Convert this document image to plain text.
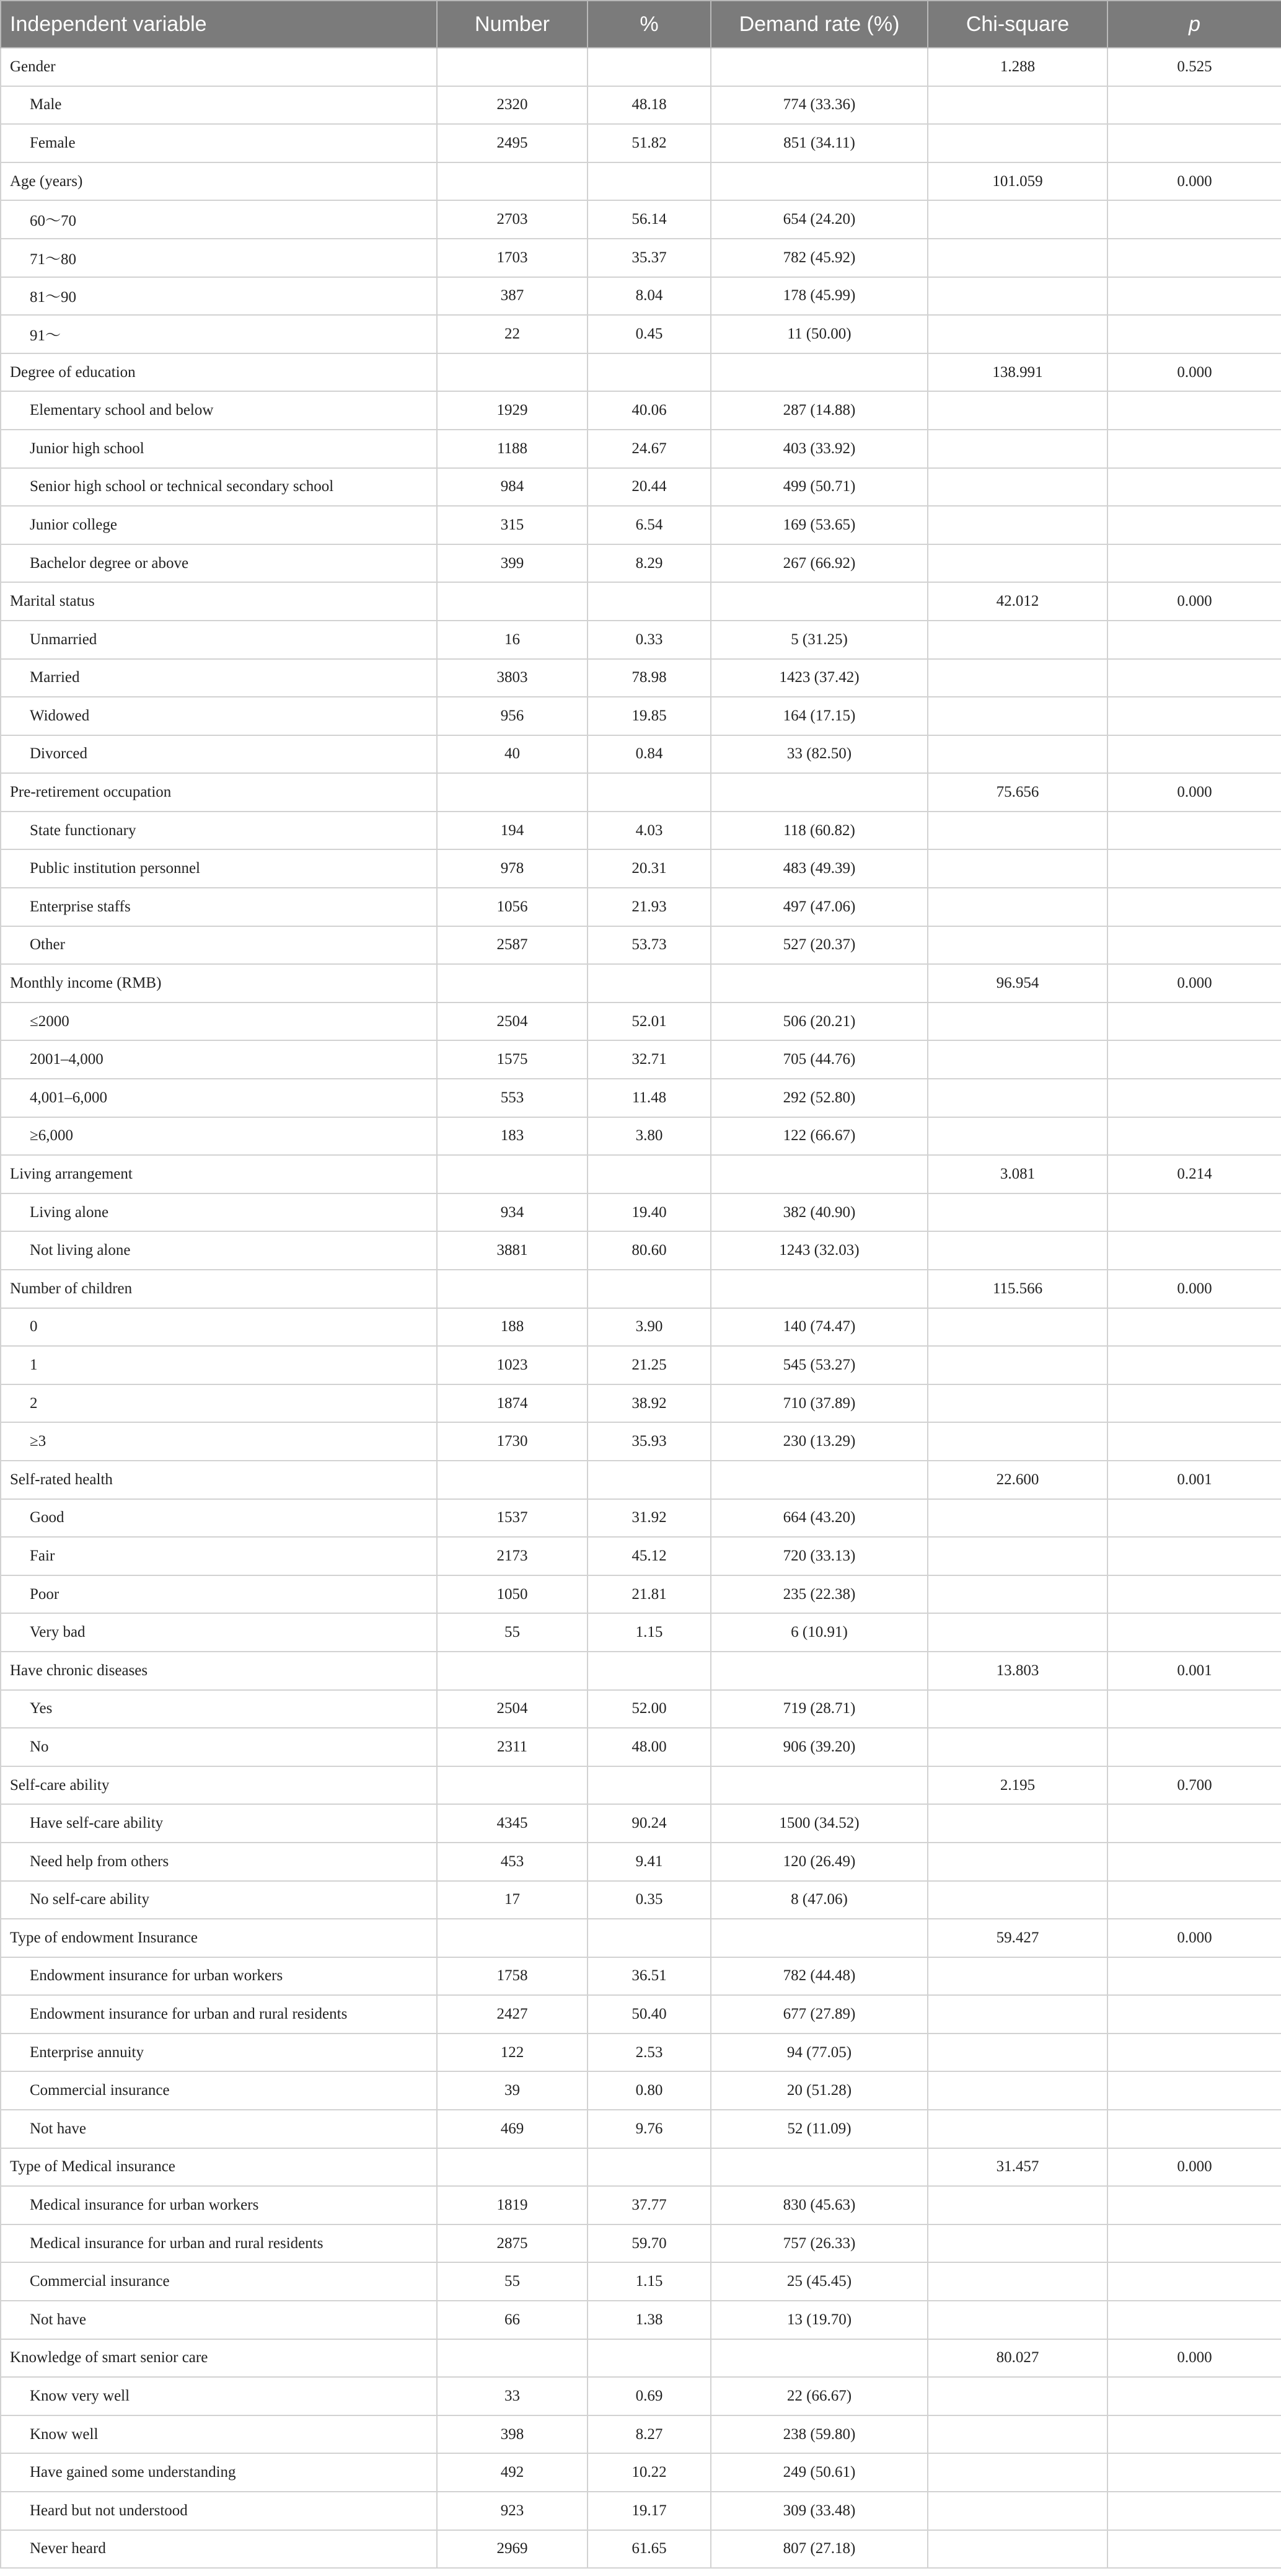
Independent variable	Number	%	Demand rate (%)	Chi-square	p
Gender				1.288	0.525
Male	2320	48.18	774 (33.36)		
Female	2495	51.82	851 (34.11)		
Age (years)				101.059	0.000
60～70	2703	56.14	654 (24.20)		
71～80	1703	35.37	782 (45.92)		
81～90	387	8.04	178 (45.99)		
91～	22	0.45	11 (50.00)		
Degree of education				138.991	0.000
Elementary school and below	1929	40.06	287 (14.88)		
Junior high school	1188	24.67	403 (33.92)		
Senior high school or technical secondary school	984	20.44	499 (50.71)		
Junior college	315	6.54	169 (53.65)		
Bachelor degree or above	399	8.29	267 (66.92)		
Marital status				42.012	0.000
Unmarried	16	0.33	5 (31.25)		
Married	3803	78.98	1423 (37.42)		
Widowed	956	19.85	164 (17.15)		
Divorced	40	0.84	33 (82.50)		
Pre-retirement occupation				75.656	0.000
State functionary	194	4.03	118 (60.82)		
Public institution personnel	978	20.31	483 (49.39)		
Enterprise staffs	1056	21.93	497 (47.06)		
Other	2587	53.73	527 (20.37)		
Monthly income (RMB)				96.954	0.000
≤2000	2504	52.01	506 (20.21)		
2001–4,000	1575	32.71	705 (44.76)		
4,001–6,000	553	11.48	292 (52.80)		
≥6,000	183	3.80	122 (66.67)		
Living arrangement				3.081	0.214
Living alone	934	19.40	382 (40.90)		
Not living alone	3881	80.60	1243 (32.03)		
Number of children				115.566	0.000
0	188	3.90	140 (74.47)		
1	1023	21.25	545 (53.27)		
2	1874	38.92	710 (37.89)		
≥3	1730	35.93	230 (13.29)		
Self-rated health				22.600	0.001
Good	1537	31.92	664 (43.20)		
Fair	2173	45.12	720 (33.13)		
Poor	1050	21.81	235 (22.38)		
Very bad	55	1.15	6 (10.91)		
Have chronic diseases				13.803	0.001
Yes	2504	52.00	719 (28.71)		
No	2311	48.00	906 (39.20)		
Self-care ability				2.195	0.700
Have self-care ability	4345	90.24	1500 (34.52)		
Need help from others	453	9.41	120 (26.49)		
No self-care ability	17	0.35	8 (47.06)		
Type of endowment Insurance				59.427	0.000
Endowment insurance for urban workers	1758	36.51	782 (44.48)		
Endowment insurance for urban and rural residents	2427	50.40	677 (27.89)		
Enterprise annuity	122	2.53	94 (77.05)		
Commercial insurance	39	0.80	20 (51.28)		
Not have	469	9.76	52 (11.09)		
Type of Medical insurance				31.457	0.000
Medical insurance for urban workers	1819	37.77	830 (45.63)		
Medical insurance for urban and rural residents	2875	59.70	757 (26.33)		
Commercial insurance	55	1.15	25 (45.45)		
Not have	66	1.38	13 (19.70)		
Knowledge of smart senior care				80.027	0.000
Know very well	33	0.69	22 (66.67)		
Know well	398	8.27	238 (59.80)		
Have gained some understanding	492	10.22	249 (50.61)		
Heard but not understood	923	19.17	309 (33.48)		
Never heard	2969	61.65	807 (27.18)		
